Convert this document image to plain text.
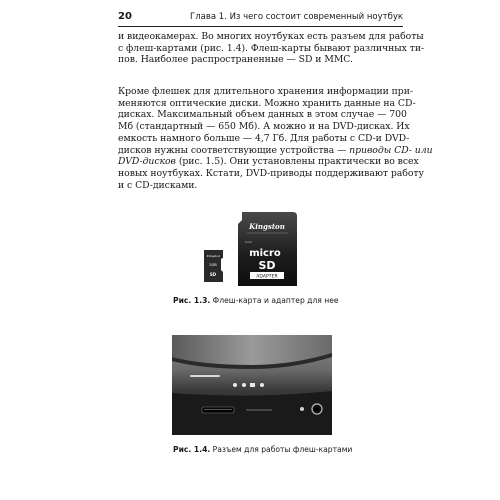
20	Глава 1. Из чего состоит современный ноутбук
и видеокамерах. Во многих ноутбуках есть разъем для работы
с флеш-картами (рис. 1.4). Флеш-карты бывают различных ти-
пов. Наиболее распространенные — SD и MMC.
Кроме флешек для длительного хранения информации при-
меняются оптические диски. Можно хранить данные на CD-
дисках. Максимальный объем данных в этом случае — 700
Мб (стандартный — 650 Мб). А можно и на DVD-дисках. Их
емкость намного больше — 4,7 Гб. Для работы с CD-и DVD-
дисков нужны соответствующие устройства — приводы CD- или
DVD-дисков (рис. 1.5). Они установлены практически во всех
новых ноутбуках. Кстати, DVD-приводы поддерживают работу
и с CD-дисками.
Kingston
Lock
micro
ЅD
ADAPTER
Kingston
2GB
ЅD
Рис. 1.3. Флеш-карта и адаптер для нее
Рис. 1.4. Разъем для работы флеш-картами
